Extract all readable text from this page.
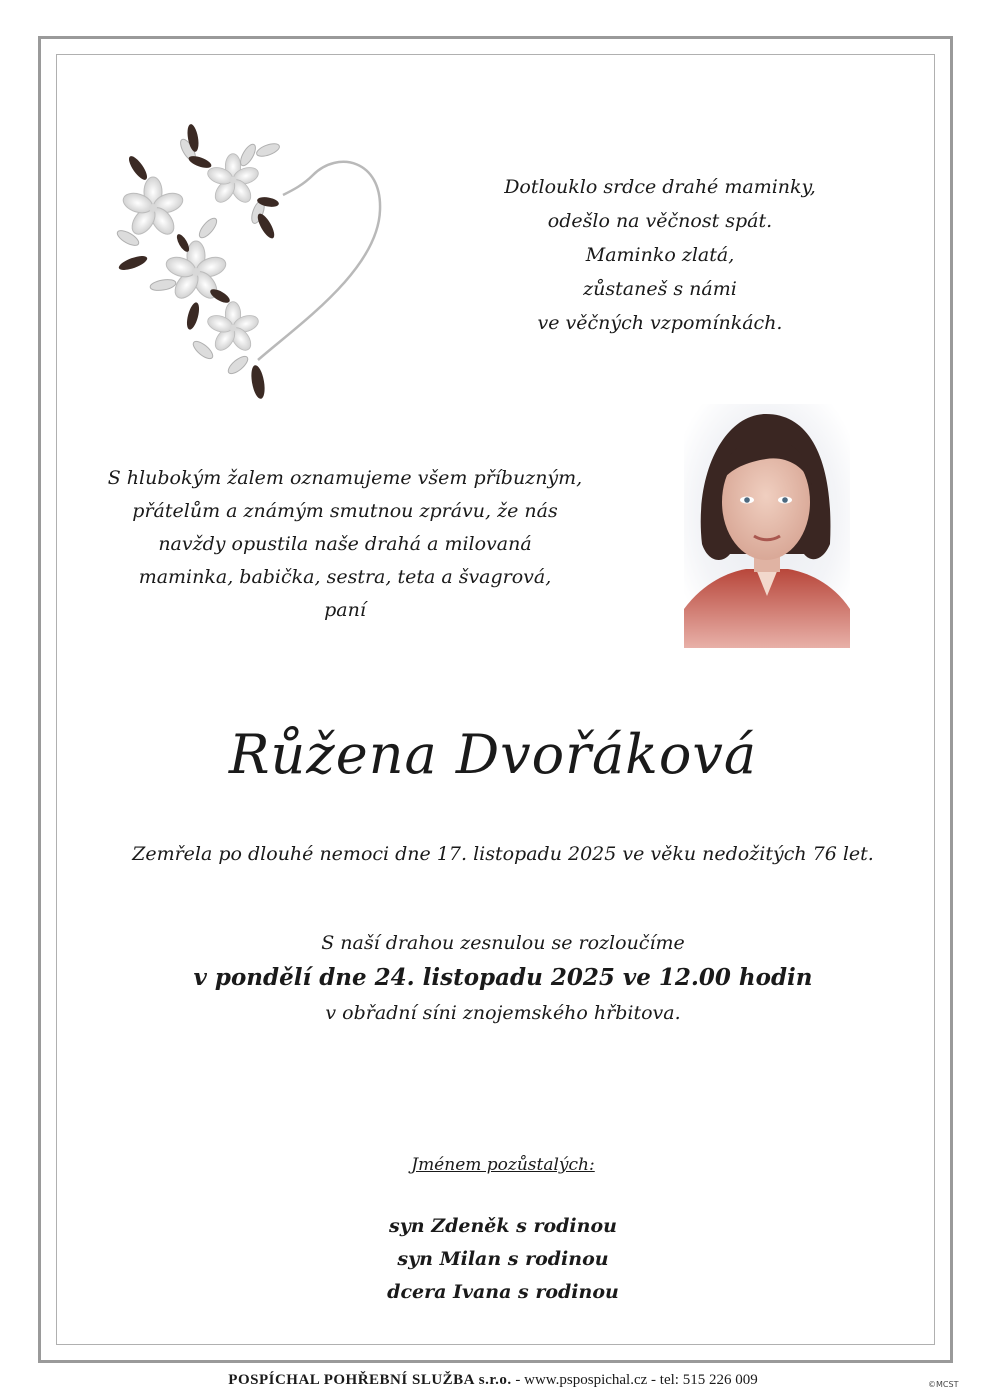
Dotlouklo srdce drahé maminky,
odešlo na věčnost spát.
Maminko zlatá,
zůstaneš s námi
ve věčných vzpomínkách.
S hlubokým žalem oznamujeme všem příbuzným,
přátelům a známým smutnou zprávu, že nás
navždy opustila naše drahá a milovaná
maminka, babička, sestra, teta a švagrová,
paní
Růžena Dvořáková
Zemřela po dlouhé nemoci dne 17. listopadu 2025 ve věku nedožitých 76 let.
S naší drahou zesnulou se rozloučíme
v pondělí dne 24. listopadu 2025 ve 12.00 hodin
v obřadní síni znojemského hřbitova.
Jménem pozůstalých:
syn Zdeněk s rodinou
syn Milan s rodinou
dcera Ivana s rodinou
POSPÍCHAL POHŘEBNÍ SLUŽBA s.r.o. - www.pspospichal.cz - tel: 515 226 009	©MCST
